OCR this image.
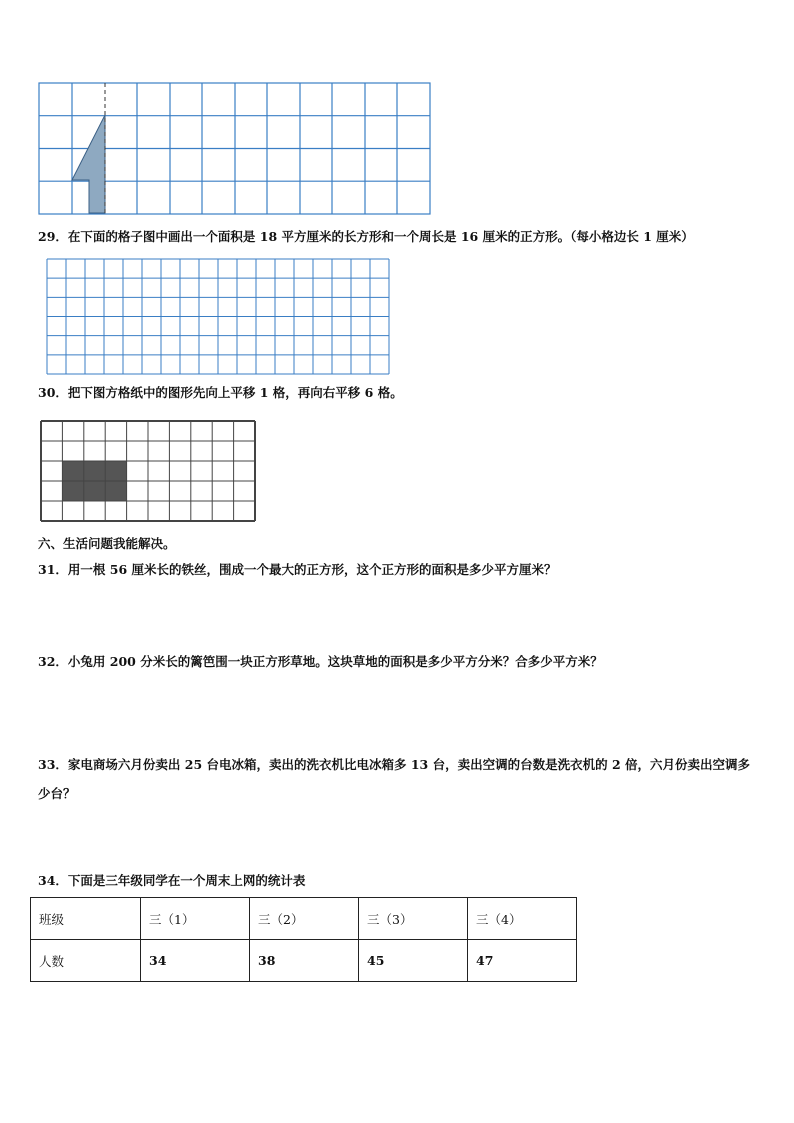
29．在下面的格子图中画出一个面积是 18 平方厘米的长方形和一个周长是 16 厘米的正方形。（每小格边长 1 厘米）
30．把下图方格纸中的图形先向上平移 1 格，再向右平移 6 格。
六、生活问题我能解决。
31．用一根 56 厘米长的铁丝，围成一个最大的正方形，这个正方形的面积是多少平方厘米？
32．小兔用 200 分米长的篱笆围一块正方形草地。这块草地的面积是多少平方分米？合多少平方米？
33．家电商场六月份卖出 25 台电冰箱，卖出的洗衣机比电冰箱多 13 台，卖出空调的台数是洗衣机的 2 倍，六月份卖出空调多少台？
34．下面是三年级同学在一个周末上网的统计表
班级	三（1）	三（2）	三（3）	三（4）
人数	34	38	45	47
